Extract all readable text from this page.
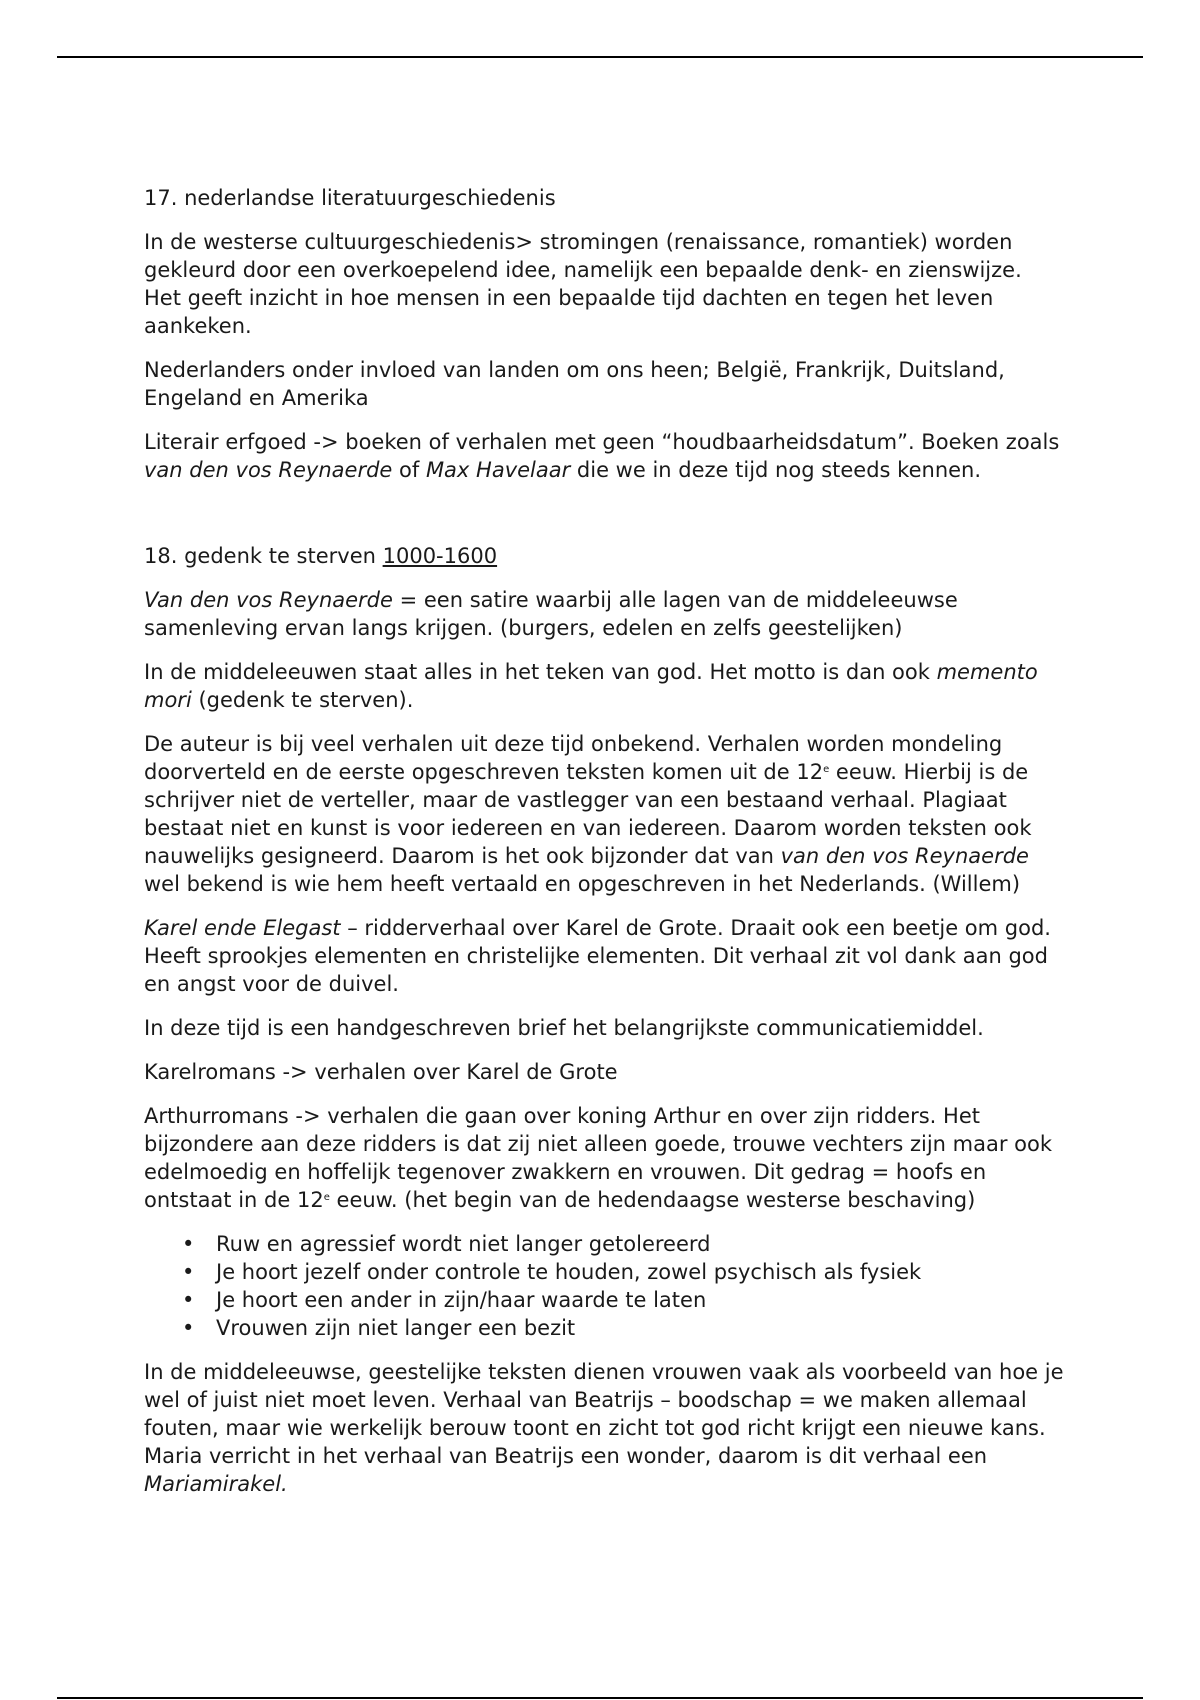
17. nederlandse literatuurgeschiedenis

In de westerse cultuurgeschiedenis> stromingen (renaissance, romantiek) worden gekleurd door een overkoepelend idee, namelijk een bepaalde denk- en zienswijze. Het geeft inzicht in hoe mensen in een bepaalde tijd dachten en tegen het leven aankeken.

Nederlanders onder invloed van landen om ons heen; België, Frankrijk, Duitsland, Engeland en Amerika

Literair erfgoed -> boeken of verhalen met geen “houdbaarheidsdatum”. Boeken zoals van den vos Reynaerde of Max Havelaar die we in deze tijd nog steeds kennen.

18. gedenk te sterven 1000-1600

Van den vos Reynaerde = een satire waarbij alle lagen van de middeleeuwse samenleving ervan langs krijgen. (burgers, edelen en zelfs geestelijken)

In de middeleeuwen staat alles in het teken van god. Het motto is dan ook memento mori (gedenk te sterven).

De auteur is bij veel verhalen uit deze tijd onbekend. Verhalen worden mondeling doorverteld en de eerste opgeschreven teksten komen uit de 12e eeuw. Hierbij is de schrijver niet de verteller, maar de vastlegger van een bestaand verhaal. Plagiaat bestaat niet en kunst is voor iedereen en van iedereen. Daarom worden teksten ook nauwelijks gesigneerd. Daarom is het ook bijzonder dat van van den vos Reynaerde wel bekend is wie hem heeft vertaald en opgeschreven in het Nederlands. (Willem)

Karel ende Elegast – ridderverhaal over Karel de Grote. Draait ook een beetje om god. Heeft sprookjes elementen en christelijke elementen. Dit verhaal zit vol dank aan god en angst voor de duivel.

In deze tijd is een handgeschreven brief het belangrijkste communicatiemiddel.

Karelromans -> verhalen over Karel de Grote

Arthurromans -> verhalen die gaan over koning Arthur en over zijn ridders. Het bijzondere aan deze ridders is dat zij niet alleen goede, trouwe vechters zijn maar ook edelmoedig en hoffelijk tegenover zwakkern en vrouwen. Dit gedrag = hoofs en ontstaat in de 12e eeuw. (het begin van de hedendaagse westerse beschaving)

• Ruw en agressief wordt niet langer getolereerd
• Je hoort jezelf onder controle te houden, zowel psychisch als fysiek
• Je hoort een ander in zijn/haar waarde te laten
• Vrouwen zijn niet langer een bezit

In de middeleeuwse, geestelijke teksten dienen vrouwen vaak als voorbeeld van hoe je wel of juist niet moet leven. Verhaal van Beatrijs – boodschap = we maken allemaal fouten, maar wie werkelijk berouw toont en zicht tot god richt krijgt een nieuwe kans. Maria verricht in het verhaal van Beatrijs een wonder, daarom is dit verhaal een Mariamirakel.
